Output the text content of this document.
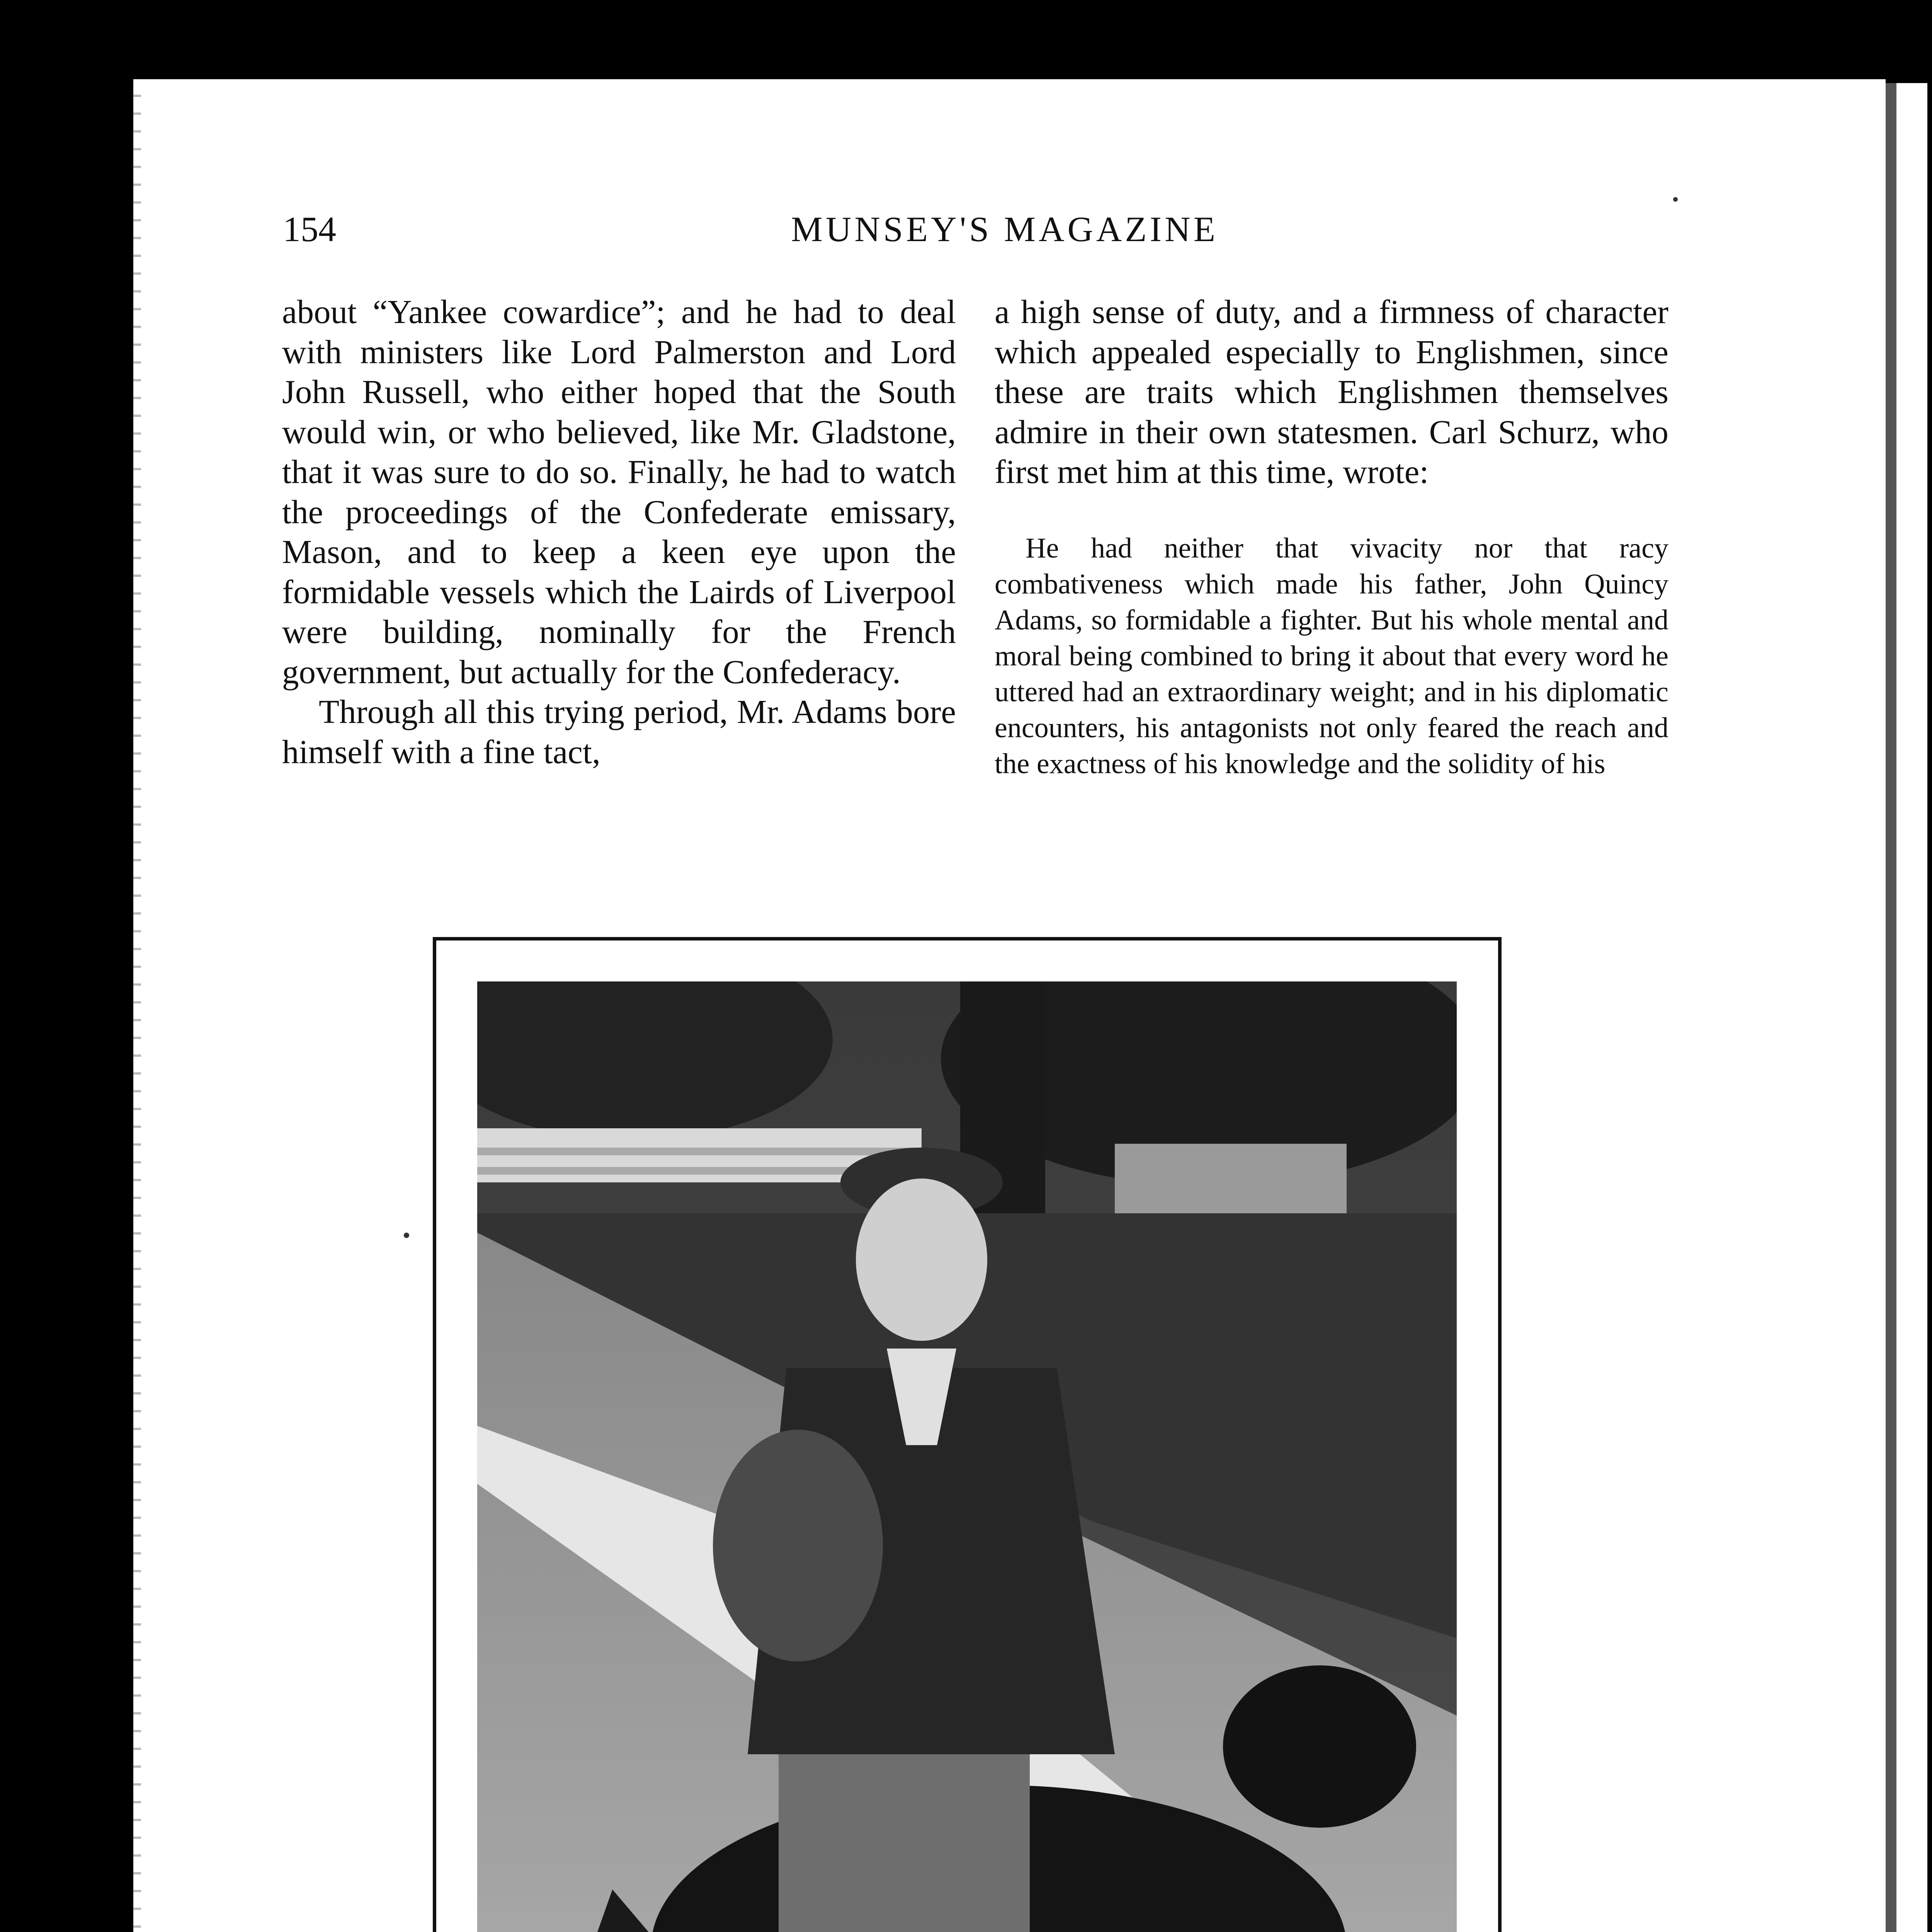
154	MUNSEY'S MAGAZINE

about “Yankee cowardice”; and he had to deal with ministers like Lord Palmerston and Lord John Russell, who either hoped that the South would win, or who believed, like Mr. Gladstone, that it was sure to do so. Finally, he had to watch the proceedings of the Confederate emissary, Mason, and to keep a keen eye upon the formidable vessels which the Lairds of Liverpool were building, nominally for the French government, but actually for the Confederacy.

Through all this trying period, Mr. Adams bore himself with a fine tact,

a high sense of duty, and a firmness of character which appealed especially to Englishmen, since these are traits which Englishmen themselves admire in their own statesmen. Carl Schurz, who first met him at this time, wrote:

He had neither that vivacity nor that racy combativeness which made his father, John Quincy Adams, so formidable a fighter. But his whole mental and moral being combined to bring it about that every word he uttered had an extraordinary weight; and in his diplomatic encounters, his antagonists not only feared the reach and the exactness of his knowledge and the solidity of his
